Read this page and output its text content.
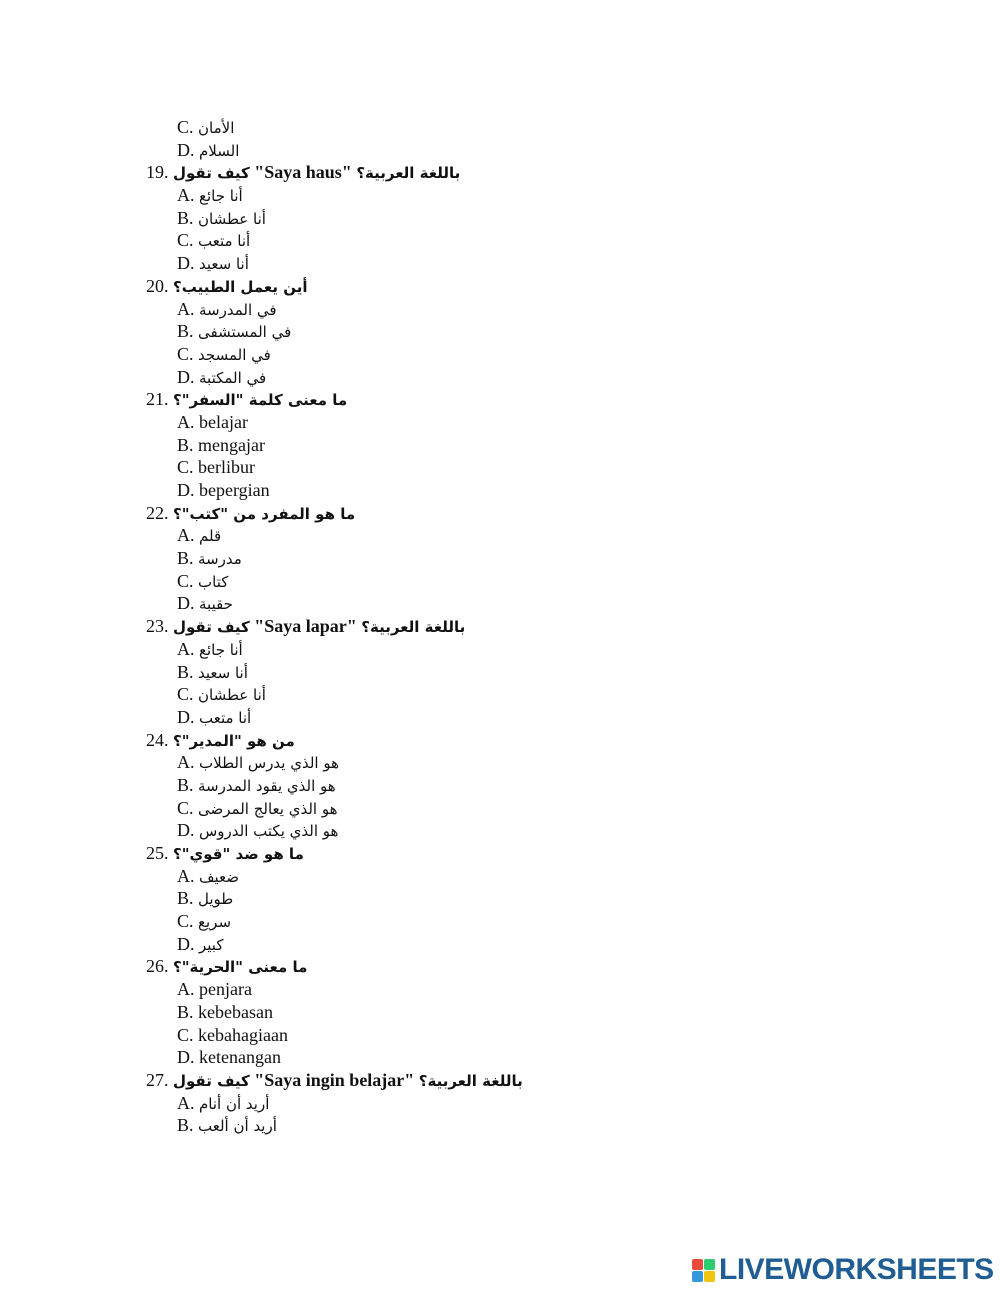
C. الأمان
D. السلام
19. كيف تقول "Saya haus" باللغة العربية؟
A. أنا جائع
B. أنا عطشان
C. أنا متعب
D. أنا سعيد
20. أين يعمل الطبيب؟
A. في المدرسة
B. في المستشفى
C. في المسجد
D. في المكتبة
21. ما معنى كلمة "السفر"؟
A. belajar
B. mengajar
C. berlibur
D. bepergian
22. ما هو المفرد من "كتب"؟
A. قلم
B. مدرسة
C. كتاب
D. حقيبة
23. كيف تقول "Saya lapar" باللغة العربية؟
A. أنا جائع
B. أنا سعيد
C. أنا عطشان
D. أنا متعب
24. من هو "المدير"؟
A. هو الذي يدرس الطلاب
B. هو الذي يقود المدرسة
C. هو الذي يعالج المرضى
D. هو الذي يكتب الدروس
25. ما هو ضد "قوي"؟
A. ضعيف
B. طويل
C. سريع
D. كبير
26. ما معنى "الحرية"؟
A. penjara
B. kebebasan
C. kebahagiaan
D. ketenangan
27. كيف تقول "Saya ingin belajar" باللغة العربية؟
A. أريد أن أنام
B. أريد أن ألعب
LIVEWORKSHEETS
